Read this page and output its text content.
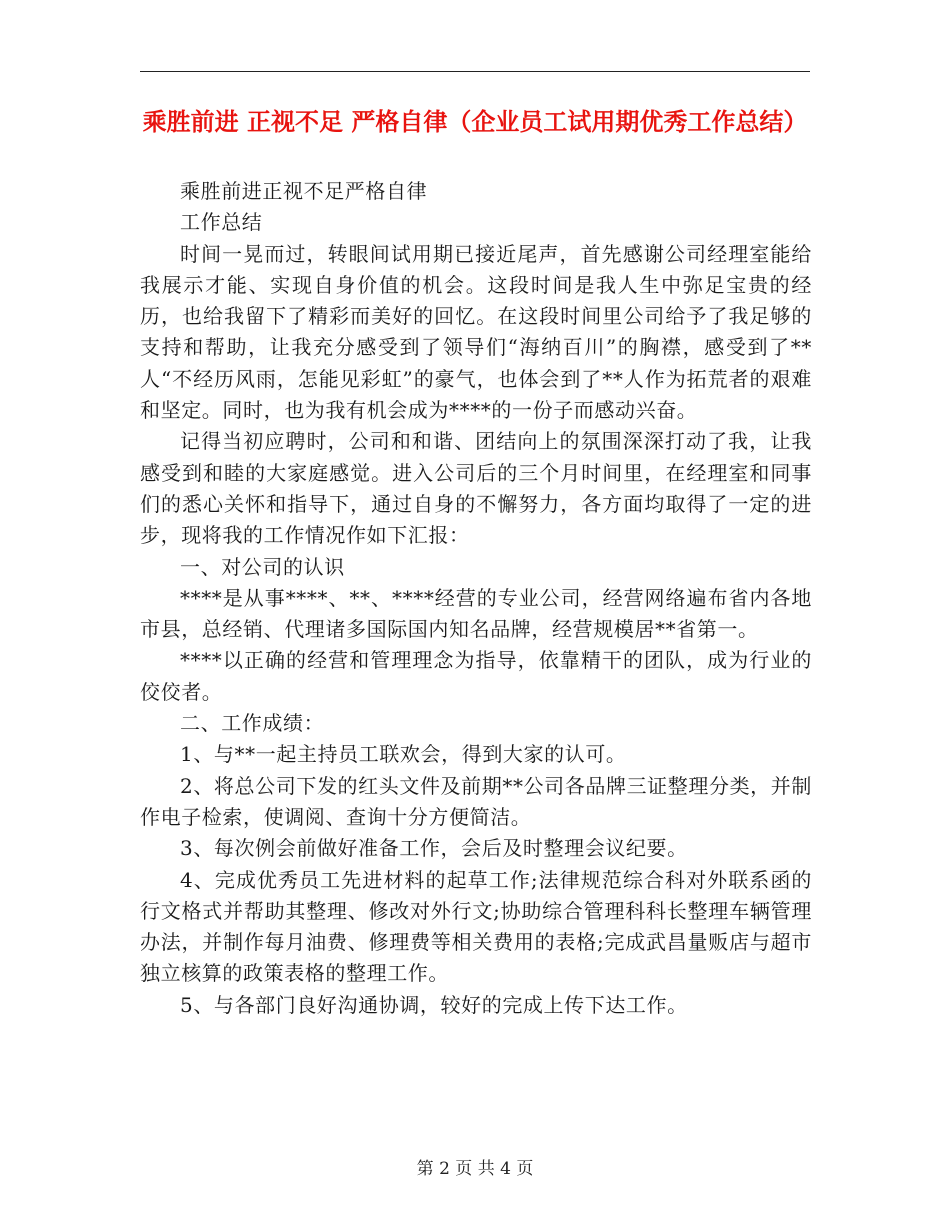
乘胜前进 正视不足 严格自律（企业员工试用期优秀工作总结）

乘胜前进正视不足严格自律

工作总结

时间一晃而过，转眼间试用期已接近尾声，首先感谢公司经理室能给我展示才能、实现自身价值的机会。这段时间是我人生中弥足宝贵的经历，也给我留下了精彩而美好的回忆。在这段时间里公司给予了我足够的支持和帮助，让我充分感受到了领导们“海纳百川”的胸襟，感受到了**人“不经历风雨，怎能见彩虹”的豪气，也体会到了**人作为拓荒者的艰难和坚定。同时，也为我有机会成为****的一份子而感动兴奋。

记得当初应聘时，公司和和谐、团结向上的氛围深深打动了我，让我感受到和睦的大家庭感觉。进入公司后的三个月时间里，在经理室和同事们的悉心关怀和指导下，通过自身的不懈努力，各方面均取得了一定的进步，现将我的工作情况作如下汇报：

一、对公司的认识

****是从事****、**、****经营的专业公司，经营网络遍布省内各地市县，总经销、代理诸多国际国内知名品牌，经营规模居**省第一。

****以正确的经营和管理理念为指导，依靠精干的团队，成为行业的佼佼者。

二、工作成绩：

1、与**一起主持员工联欢会，得到大家的认可。

2、将总公司下发的红头文件及前期**公司各品牌三证整理分类，并制作电子检索，使调阅、查询十分方便简洁。

3、每次例会前做好准备工作，会后及时整理会议纪要。

4、完成优秀员工先进材料的起草工作;法律规范综合科对外联系函的行文格式并帮助其整理、修改对外行文;协助综合管理科科长整理车辆管理办法，并制作每月油费、修理费等相关费用的表格;完成武昌量贩店与超市独立核算的政策表格的整理工作。

5、与各部门良好沟通协调，较好的完成上传下达工作。

第 2 页 共 4 页
